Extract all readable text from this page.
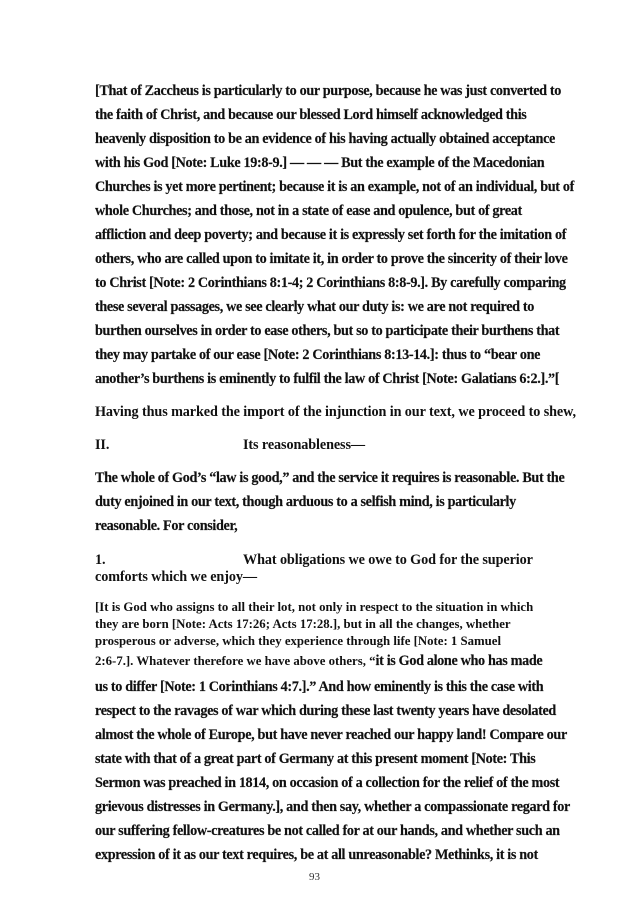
[That of Zaccheus is particularly to our purpose, because he was just converted to
the faith of Christ, and because our blessed Lord himself acknowledged this
heavenly disposition to be an evidence of his having actually obtained acceptance
with his God [Note: Luke 19:8-9.] — — — But the example of the Macedonian
Churches is yet more pertinent; because it is an example, not of an individual, but of
whole Churches; and those, not in a state of ease and opulence, but of great
affliction and deep poverty; and because it is expressly set forth for the imitation of
others, who are called upon to imitate it, in order to prove the sincerity of their love
to Christ [Note: 2 Corinthians 8:1-4; 2 Corinthians 8:8-9.]. By carefully comparing
these several passages, we see clearly what our duty is: we are not required to
burthen ourselves in order to ease others, but so to participate their burthens that
they may partake of our ease [Note: 2 Corinthians 8:13-14.]: thus to “bear one
another’s burthens is eminently to fulfil the law of Christ [Note: Galatians 6:2.].”[
Having thus marked the import of the injunction in our text, we proceed to shew,
II.	Its reasonableness—
The whole of God’s “law is good,” and the service it requires is reasonable. But the
duty enjoined in our text, though arduous to a selfish mind, is particularly
reasonable. For consider,
1.	What obligations we owe to God for the superior
comforts which we enjoy—
[It is God who assigns to all their lot, not only in respect to the situation in which
they are born [Note: Acts 17:26; Acts 17:28.], but in all the changes, whether
prosperous or adverse, which they experience through life [Note: 1 Samuel
2:6-7.]. Whatever therefore we have above others, “it is God alone who has made
us to differ [Note: 1 Corinthians 4:7.].” And how eminently is this the case with
respect to the ravages of war which during these last twenty years have desolated
almost the whole of Europe, but have never reached our happy land! Compare our
state with that of a great part of Germany at this present moment [Note: This
Sermon was preached in 1814, on occasion of a collection for the relief of the most
grievous distresses in Germany.], and then say, whether a compassionate regard for
our suffering fellow-creatures be not called for at our hands, and whether such an
expression of it as our text requires, be at all unreasonable? Methinks, it is not
93
